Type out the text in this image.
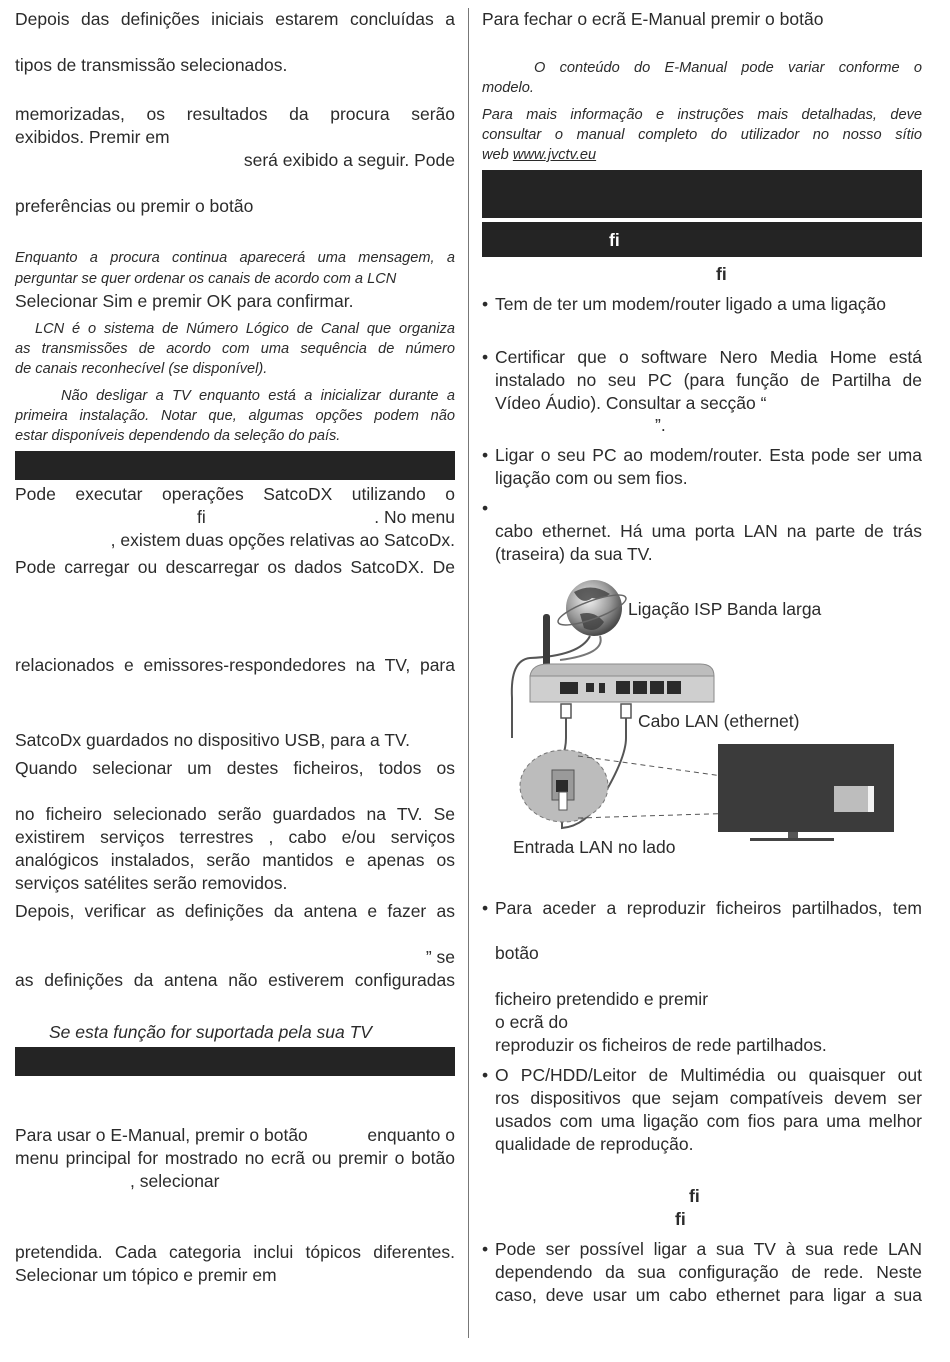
Depois das definições iniciais estarem concluídas a
tipos de transmissão selecionados.
memorizadas, os resultados da procura serão
exibidos. Premir em
será exibido a seguir. Pode
preferências ou premir o botão
Enquanto a procura continua aparecerá uma mensagem, a
perguntar se quer ordenar os canais de acordo com a LCN
Selecionar Sim e premir OK para confirmar.
LCN é o sistema de Número Lógico de Canal que organiza
as transmissões de acordo com uma sequência de número
de canais reconhecível (se disponível).
Não desligar a TV enquanto está a inicializar durante a
primeira instalação. Notar que, algumas opções podem não
estar disponíveis dependendo da seleção do país.
Pode executar operações SatcoDX utilizando o
fi	. No menu
, existem duas opções relativas ao SatcoDx.
Pode carregar ou descarregar os dados SatcoDX. De
relacionados e emissores-respondedores na TV, para
SatcoDx guardados no dispositivo USB, para a TV.
Quando selecionar um destes ficheiros, todos os
no ficheiro selecionado serão guardados na TV. Se
existirem serviços terrestres , cabo e/ou serviços
analógicos instalados, serão mantidos e apenas os
serviços satélites serão removidos.
Depois, verificar as definições da antena e fazer as
” se
as definições da antena não estiverem configuradas
Se esta função for suportada pela sua TV
Para usar o E-Manual, premir o botão	enquanto o
menu principal for mostrado no ecrã ou premir o botão
, selecionar
pretendida. Cada categoria inclui tópicos diferentes.
Selecionar um tópico e premir em
Para fechar o ecrã E-Manual premir o botão
O conteúdo do E-Manual pode variar conforme o
modelo.
Para mais informação e instruções mais detalhadas, deve
consultar o manual completo do utilizador no nosso sítio
web www.jvctv.eu
fi
fi
• Tem de ter um modem/router ligado a uma ligação
• Certificar que o software Nero Media Home está
instalado no seu PC (para função de Partilha de
Vídeo Áudio). Consultar a secção “
”.
• Ligar o seu PC ao modem/router. Esta pode ser uma
ligação com ou sem fios.
•
cabo ethernet. Há uma porta LAN na parte de trás
(traseira) da sua TV.
Ligação ISP Banda larga
Cabo LAN (ethernet)
Entrada LAN no lado
• Para aceder a reproduzir ficheiros partilhados, tem
botão
ficheiro pretendido e premir
o ecrã do
reproduzir os ficheiros de rede partilhados.
• O PC/HDD/Leitor de Multimédia ou quaisquer out
ros dispositivos que sejam compatíveis devem ser
usados com uma ligação com fios para uma melhor
qualidade de reprodução.
fi
fi
• Pode ser possível ligar a sua TV à sua rede LAN
dependendo da sua configuração de rede. Neste
caso, deve usar um cabo ethernet para ligar a sua
